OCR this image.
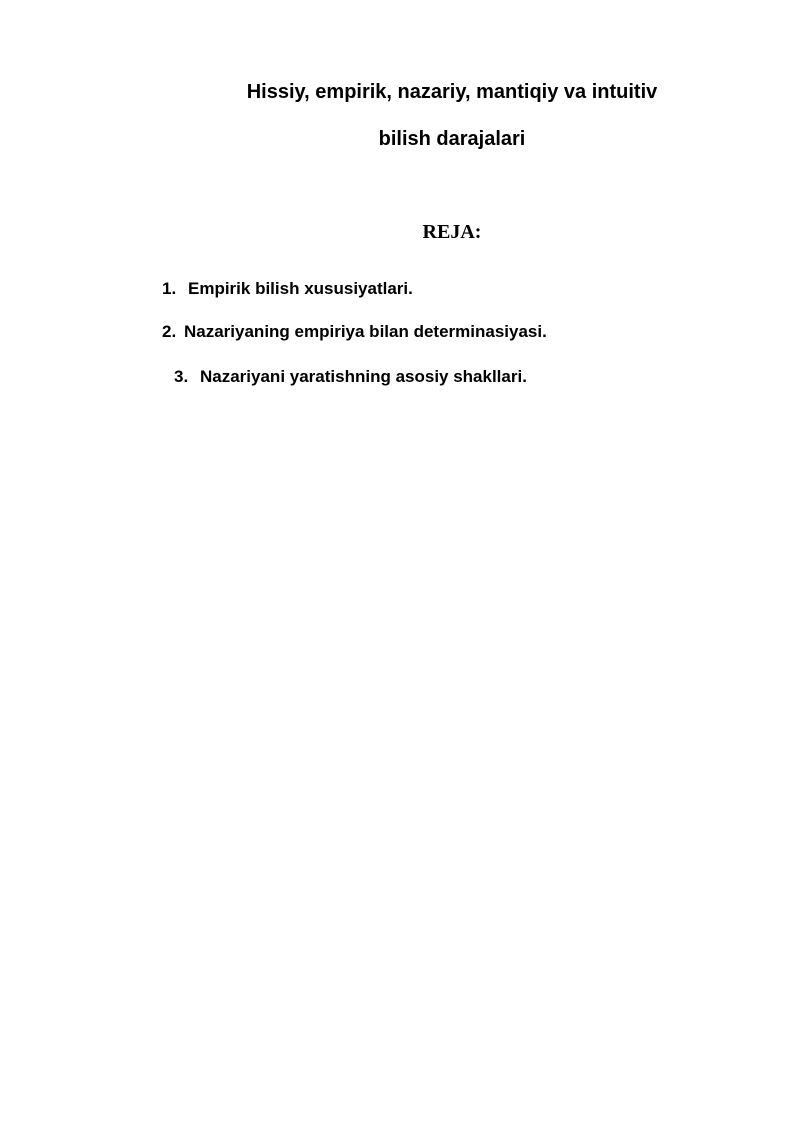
Hissiy, empirik, nazariy, mantiqiy va intuitiv
bilish darajalari
REJA:
1. Empirik bilish xususiyatlari.
2. Nazariyaning empiriya bilan determinasiyasi.
3. Nazariyani yaratishning asosiy shakllari.
